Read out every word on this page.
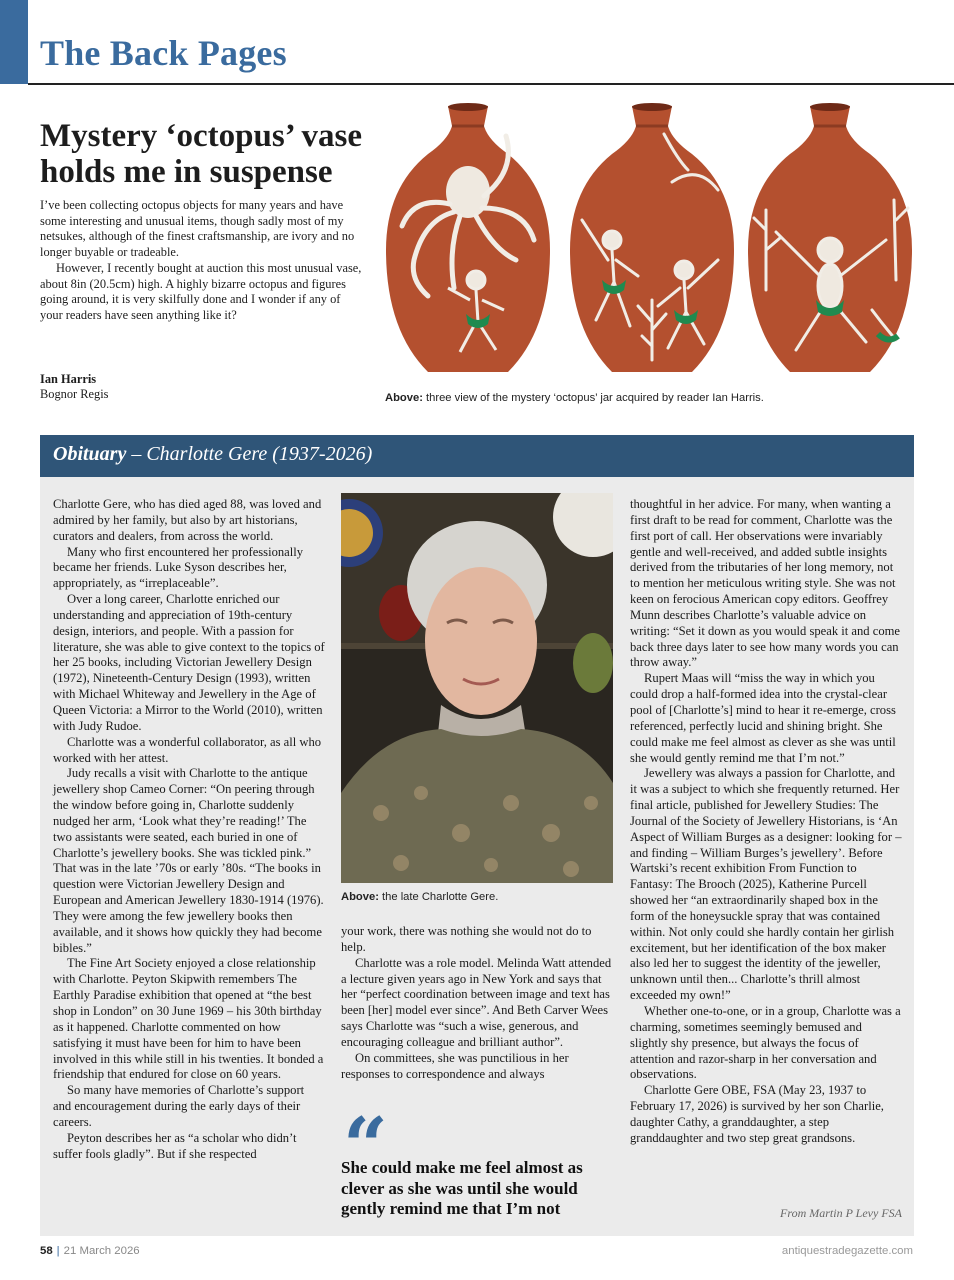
The Back Pages
Mystery ‘octopus’ vase
holds me in suspense

I’ve been collecting octopus objects for many years and have some interesting and unusual items, though sadly most of my netsukes, although of the finest craftsmanship, are ivory and no longer buyable or tradeable.

However, I recently bought at auction this most unusual vase, about 8in (20.5cm) high. A highly bizarre octopus and figures going around, it is very skilfully done and I wonder if any of your readers have seen anything like it?

Ian Harris
Bognor Regis	Above: three view of the mystery ‘octopus’ jar acquired by reader Ian Harris.
Obituary – Charlotte Gere (1937-2026)

Charlotte Gere, who has died aged 88, was loved and admired by her family, but also by art historians, curators and dealers, from across the world.

Many who first encountered her professionally became her friends. Luke Syson describes her, appropriately, as “irreplaceable”.

Over a long career, Charlotte enriched our understanding and appreciation of 19th-century design, interiors, and people. With a passion for literature, she was able to give context to the topics of her 25 books, including Victorian Jewellery Design (1972), Nineteenth-Century Design (1993), written with Michael Whiteway and Jewellery in the Age of Queen Victoria: a Mirror to the World (2010), written with Judy Rudoe.

Charlotte was a wonderful collaborator, as all who worked with her attest.

Judy recalls a visit with Charlotte to the antique jewellery shop Cameo Corner: “On peering through the window before going in, Charlotte suddenly nudged her arm, ‘Look what they’re reading!’ The two assistants were seated, each buried in one of Charlotte’s jewellery books. She was tickled pink.” That was in the late ’70s or early ’80s. “The books in question were Victorian Jewellery Design and European and American Jewellery 1830-1914 (1976). They were among the few jewellery books then available, and it shows how quickly they had become bibles.”

The Fine Art Society enjoyed a close relationship with Charlotte. Peyton Skipwith remembers The Earthly Paradise exhibition that opened at “the best shop in London” on 30 June 1969 – his 30th birthday as it happened. Charlotte commented on how satisfying it must have been for him to have been involved in this while still in his twenties. It bonded a friendship that endured for close on 60 years.

So many have memories of Charlotte’s support and encouragement during the early days of their careers.

Peyton describes her as “a scholar who didn’t suffer fools gladly”. But if she respected

Above: the late Charlotte Gere.

your work, there was nothing she would not do to help.

Charlotte was a role model. Melinda Watt attended a lecture given years ago in New York and says that her “perfect coordination between image and text has been [her] model ever since”. And Beth Carver Wees says Charlotte was “such a wise, generous, and encouraging colleague and brilliant author”.

On committees, she was punctilious in her responses to correspondence and always

“
She could make me feel almost as clever as she was until she would gently remind me that I’m not

thoughtful in her advice. For many, when wanting a first draft to be read for comment, Charlotte was the first port of call. Her observations were invariably gentle and well-received, and added subtle insights derived from the tributaries of her long memory, not to mention her meticulous writing style. She was not keen on ferocious American copy editors. Geoffrey Munn describes Charlotte’s valuable advice on writing: “Set it down as you would speak it and come back three days later to see how many words you can throw away.”

Rupert Maas will “miss the way in which you could drop a half-formed idea into the crystal-clear pool of [Charlotte’s] mind to hear it re-emerge, cross referenced, perfectly lucid and shining bright. She could make me feel almost as clever as she was until she would gently remind me that I’m not.”

Jewellery was always a passion for Charlotte, and it was a subject to which she frequently returned. Her final article, published for Jewellery Studies: The Journal of the Society of Jewellery Historians, is ‘An Aspect of William Burges as a designer: looking for – and finding – William Burges’s jewellery’. Before Wartski’s recent exhibition From Function to Fantasy: The Brooch (2025), Katherine Purcell showed her “an extraordinarily shaped box in the form of the honeysuckle spray that was contained within. Not only could she hardly contain her girlish excitement, but her identification of the box maker also led her to suggest the identity of the jeweller, unknown until then... Charlotte’s thrill almost exceeded my own!”

Whether one-to-one, or in a group, Charlotte was a charming, sometimes seemingly bemused and slightly shy presence, but always the focus of attention and razor-sharp in her conversation and observations.

Charlotte Gere OBE, FSA (May 23, 1937 to February 17, 2026) is survived by her son Charlie, daughter Cathy, a granddaughter, a step granddaughter and two step great grandsons.

From Martin P Levy FSA
58 | 21 March 2026	antiquestradegazette.com
